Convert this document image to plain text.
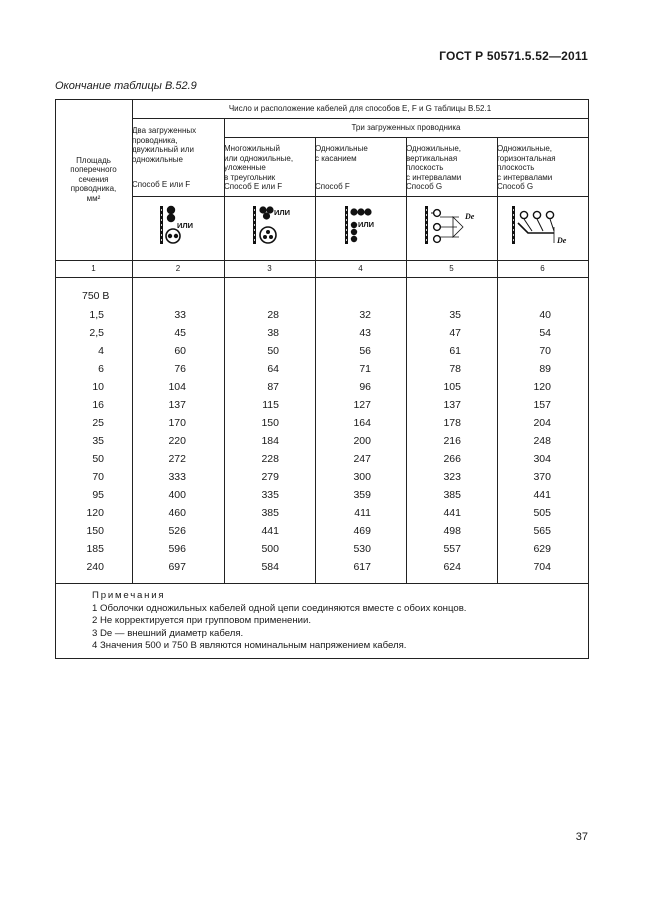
ГОСТ Р 50571.5.52—2011
Окончание таблицы В.52.9
Площадь
поперечного
сечения
проводника,
мм²
Число и расположение кабелей для способов E, F и G таблицы В.52.1
Два загруженных
проводника,
двужильный или
одножильные
Способ E или F
Три загруженных проводника
Многожильный
или одножильные,
уложенные
в треугольник
Способ E или F
Одножильные
с касанием
Способ F
Одножильные,
вертикальная
плоскость
с интервалами
Способ G
Одножильные,
горизонтальная
плоскость
с интервалами
Способ G
ИЛИ
ИЛИ
ИЛИ
De
De
1	2	3	4	5	6
750 В
1,5	33	28	32	35	40
2,5	45	38	43	47	54
4	60	50	56	61	70
6	76	64	71	78	89
10	104	87	96	105	120
16	137	115	127	137	157
25	170	150	164	178	204
35	220	184	200	216	248
50	272	228	247	266	304
70	333	279	300	323	370
95	400	335	359	385	441
120	460	385	411	441	505
150	526	441	469	498	565
185	596	500	530	557	629
240	697	584	617	624	704
Примечания
1 Оболочки одножильных кабелей одной цепи соединяются вместе с обоих концов.
2 Не корректируется при групповом применении.
3 Dе — внешний диаметр кабеля.
4 Значения 500 и 750 В являются номинальным напряжением кабеля.
37
